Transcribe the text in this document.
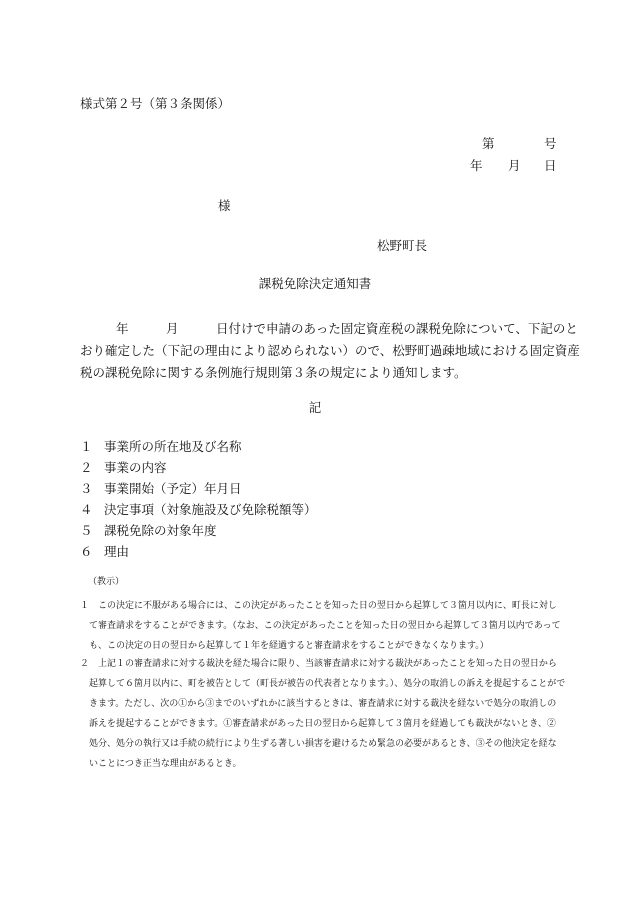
様式第２号（第３条関係）
第	号
年 月 日
様
松野町長
課税免除決定通知書
年　　　月　　　日付けで申請のあった固定資産税の課税免除について、下記のと
おり確定した（下記の理由により認められない）ので、松野町過疎地域における固定資産
税の課税免除に関する条例施行規則第３条の規定により通知します。
記
１ 事業所の所在地及び名称
２ 事業の内容
３ 事業開始（予定）年月日
４ 決定事項（対象施設及び免除税額等）
５ 課税免除の対象年度
６ 理由
（教示）
１　この決定に不服がある場合には、この決定があったことを知った日の翌日から起算して３箇月以内に、町長に対し
　て審査請求をすることができます。（なお、この決定があったことを知った日の翌日から起算して３箇月以内であって
　も、この決定の日の翌日から起算して１年を経過すると審査請求をすることができなくなります。）
２　上記１の審査請求に対する裁決を経た場合に限り、当該審査請求に対する裁決があったことを知った日の翌日から
　起算して６箇月以内に、町を被告として（町長が被告の代表者となります。）、処分の取消しの訴えを提起することがで
　きます。ただし、次の①から③までのいずれかに該当するときは、審査請求に対する裁決を経ないで処分の取消しの
　訴えを提起することができます。①審査請求があった日の翌日から起算して３箇月を経過しても裁決がないとき、②
　処分、処分の執行又は手続の続行により生ずる著しい損害を避けるため緊急の必要があるとき、③その他決定を経な
　いことにつき正当な理由があるとき。
